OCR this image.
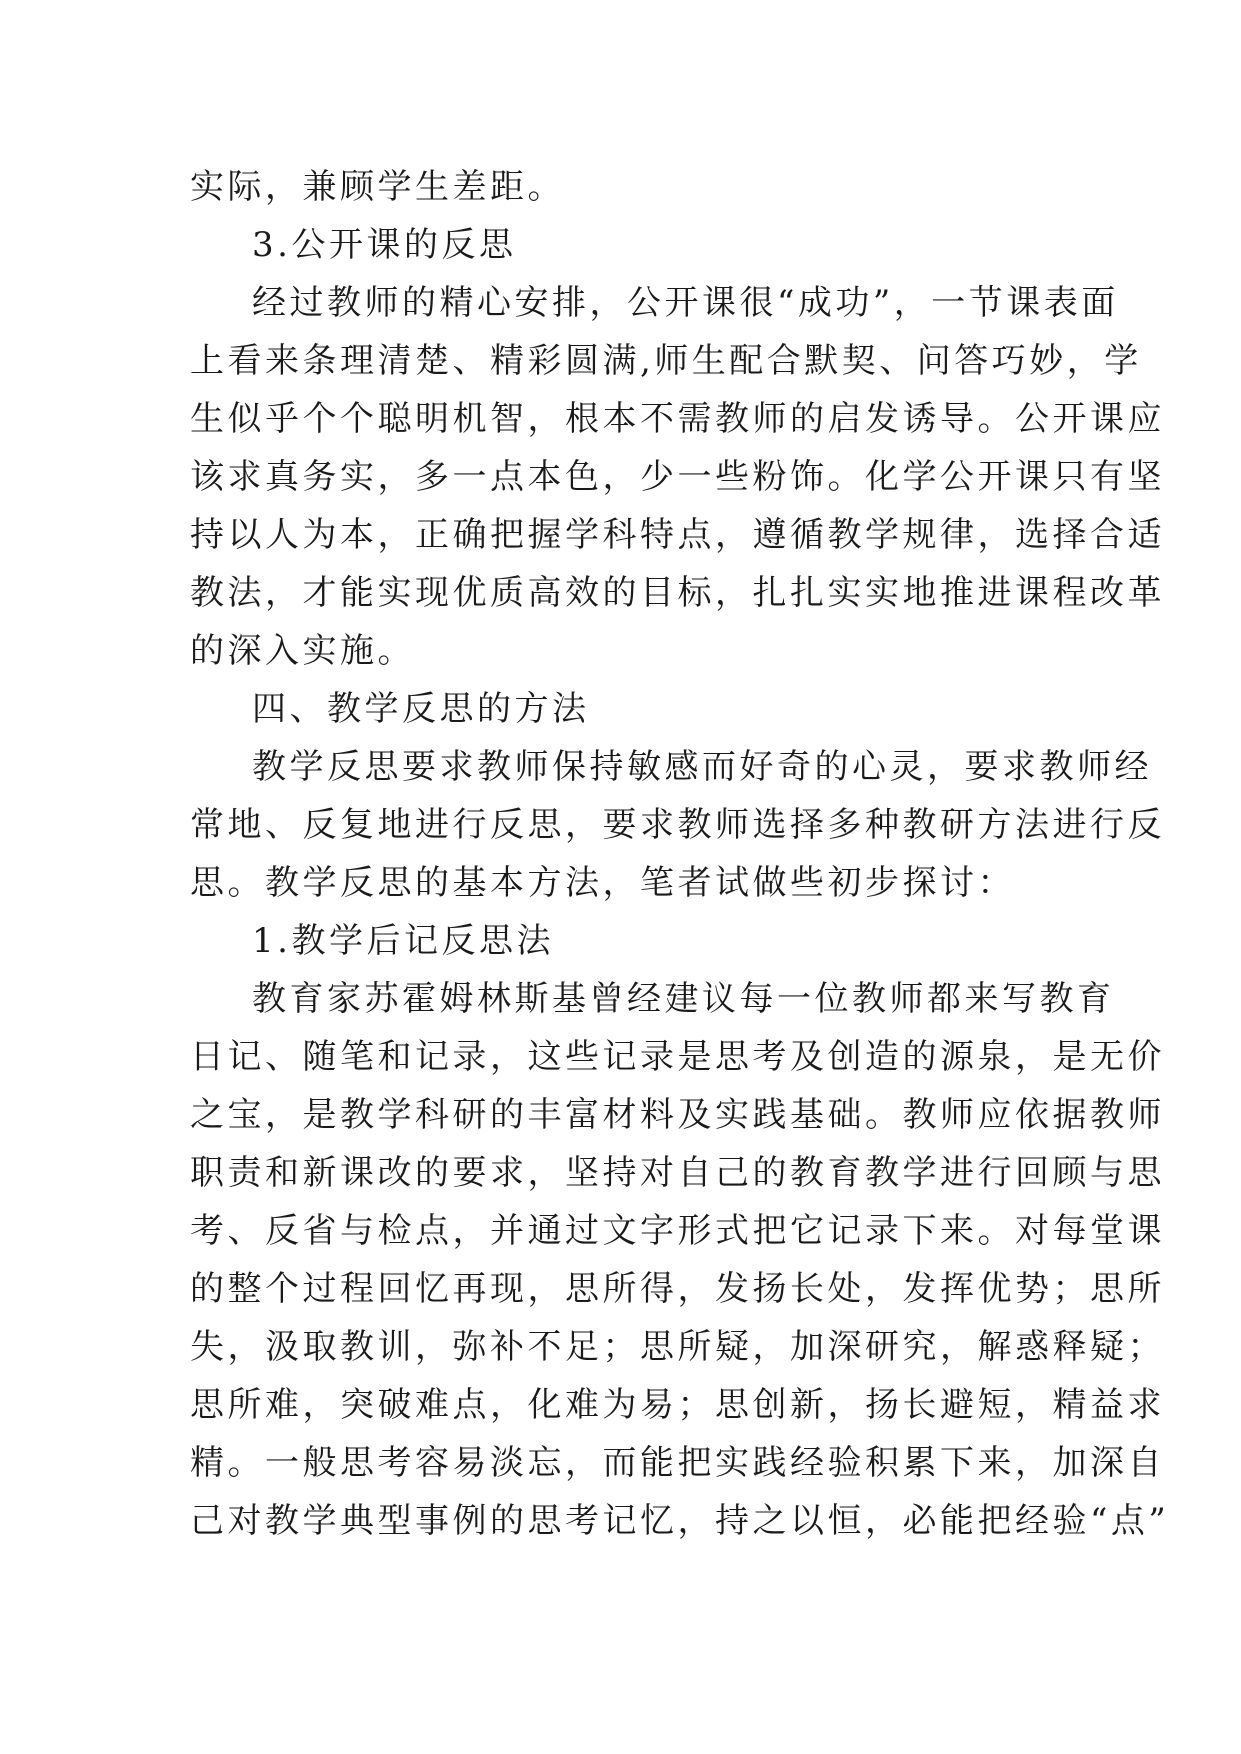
实际，兼顾学生差距。
3.公开课的反思
经过教师的精心安排，公开课很“成功”，一节课表面
上看来条理清楚、精彩圆满,师生配合默契、问答巧妙，学
生似乎个个聪明机智，根本不需教师的启发诱导。公开课应
该求真务实，多一点本色，少一些粉饰。化学公开课只有坚
持以人为本，正确把握学科特点，遵循教学规律，选择合适
教法，才能实现优质高效的目标，扎扎实实地推进课程改革
的深入实施。
四、教学反思的方法
教学反思要求教师保持敏感而好奇的心灵，要求教师经
常地、反复地进行反思，要求教师选择多种教研方法进行反
思。教学反思的基本方法，笔者试做些初步探讨：
1.教学后记反思法
教育家苏霍姆林斯基曾经建议每一位教师都来写教育
日记、随笔和记录，这些记录是思考及创造的源泉，是无价
之宝，是教学科研的丰富材料及实践基础。教师应依据教师
职责和新课改的要求，坚持对自己的教育教学进行回顾与思
考、反省与检点，并通过文字形式把它记录下来。对每堂课
的整个过程回忆再现，思所得，发扬长处，发挥优势；思所
失，汲取教训，弥补不足；思所疑，加深研究，解惑释疑；
思所难，突破难点，化难为易；思创新，扬长避短，精益求
精。一般思考容易淡忘，而能把实践经验积累下来，加深自
己对教学典型事例的思考记忆，持之以恒，必能把经验“点”
